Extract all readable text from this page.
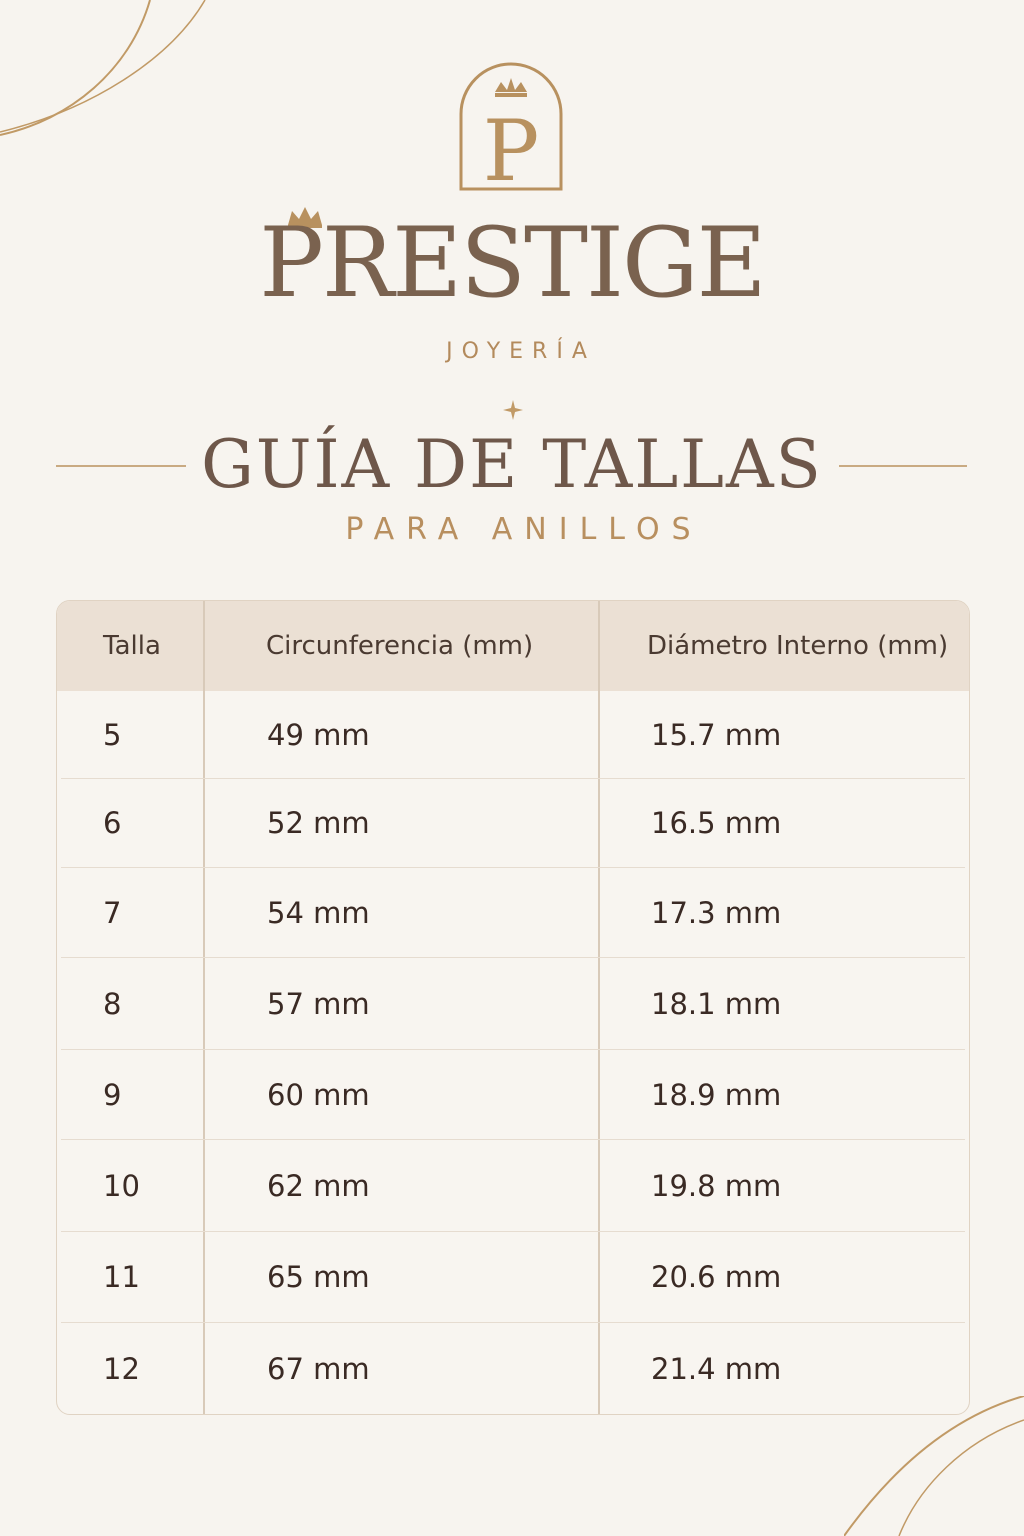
P
PRESTIGE
JOYERÍA
GUÍA DE TALLAS
PARA ANILLOS
Talla	Circunferencia (mm)	Diámetro Interno (mm)
5	49 mm	15.7 mm
6	52 mm	16.5 mm
7	54 mm	17.3 mm
8	57 mm	18.1 mm
9	60 mm	18.9 mm
10	62 mm	19.8 mm
11	65 mm	20.6 mm
12	67 mm	21.4 mm
